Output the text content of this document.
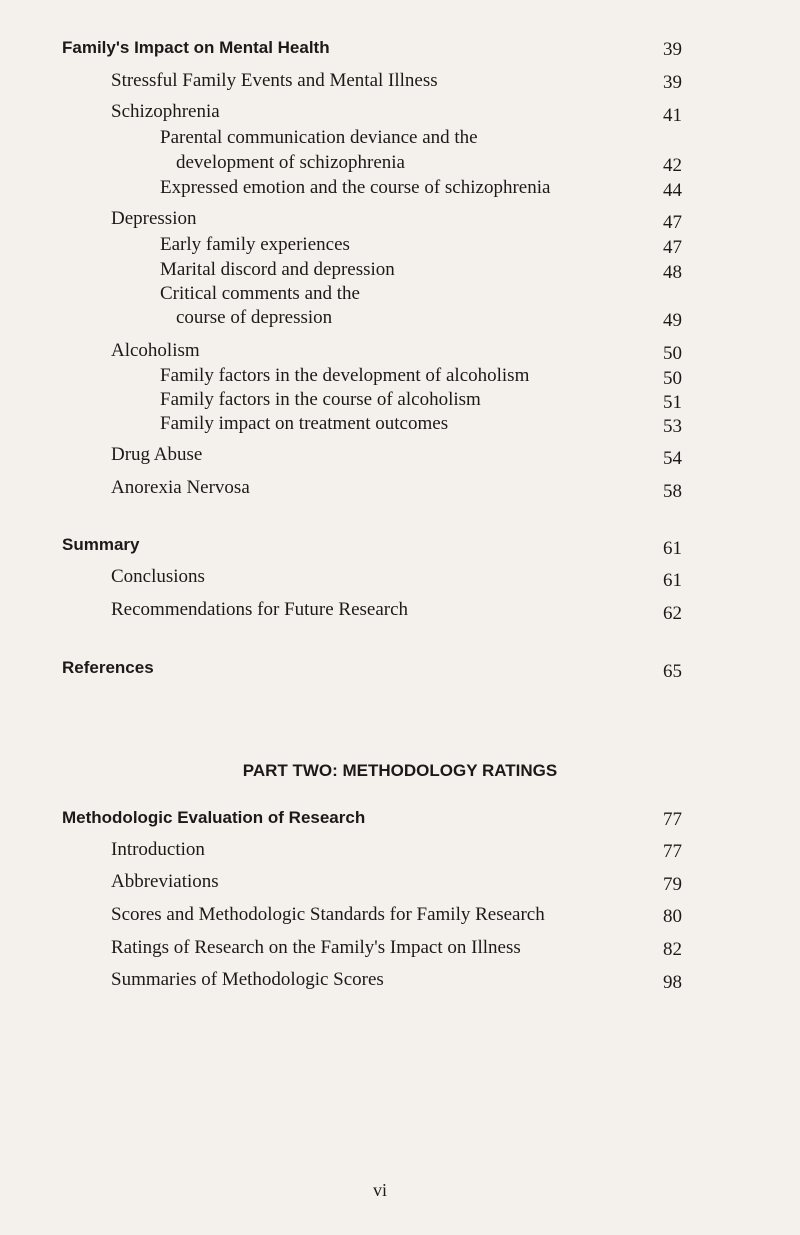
Family's Impact on Mental Health	39
Stressful Family Events and Mental Illness	39
Schizophrenia	41
Parental communication deviance and the
development of schizophrenia	42
Expressed emotion and the course of schizophrenia	44
Depression	47
Early family experiences	47
Marital discord and depression	48
Critical comments and the
course of depression	49
Alcoholism	50
Family factors in the development of alcoholism	50
Family factors in the course of alcoholism	51
Family impact on treatment outcomes	53
Drug Abuse	54
Anorexia Nervosa	58
Summary	61
Conclusions	61
Recommendations for Future Research	62
References	65
PART TWO: METHODOLOGY RATINGS
Methodologic Evaluation of Research	77
Introduction	77
Abbreviations	79
Scores and Methodologic Standards for Family Research	80
Ratings of Research on the Family's Impact on Illness	82
Summaries of Methodologic Scores	98
vi
